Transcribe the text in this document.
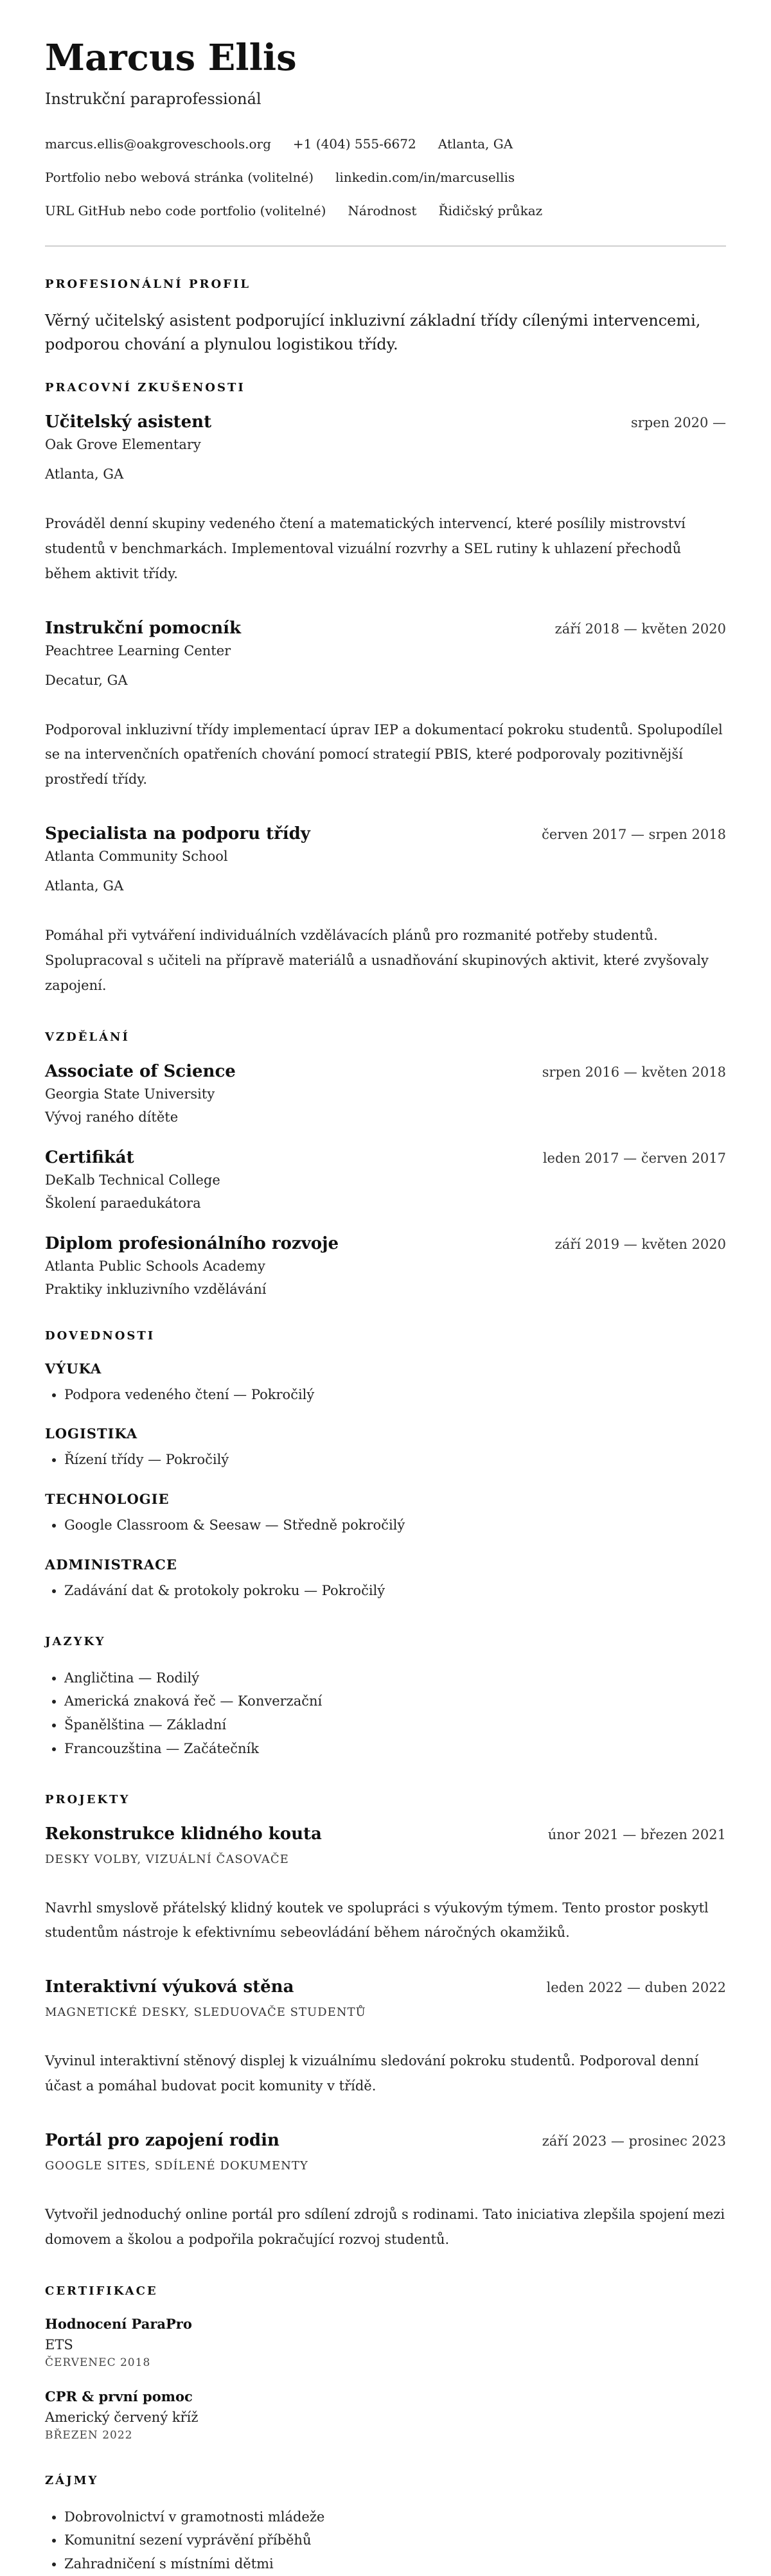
Marcus Ellis
Instrukční paraprofessionál
marcus.ellis@oakgroveschools.org +1 (404) 555-6672 Atlanta, GA
Portfolio nebo webová stránka (volitelné) linkedin.com/in/marcusellis
URL GitHub nebo code portfolio (volitelné) Národnost Řidičský průkaz
PROFESIONÁLNÍ PROFIL

Věrný učitelský asistent podporující inkluzivní základní třídy cílenými intervencemi, podporou chování a plynulou logistikou třídy.

PRACOVNÍ ZKUŠENOSTI
Učitelský asistent	srpen 2020 —
Oak Grove Elementary
Atlanta, GA
Prováděl denní skupiny vedeného čtení a matematických intervencí, které posílily mistrovství studentů v benchmarkách. Implementoval vizuální rozvrhy a SEL rutiny k uhlazení přechodů během aktivit třídy.
Instrukční pomocník	září 2018 — květen 2020
Peachtree Learning Center
Decatur, GA
Podporoval inkluzivní třídy implementací úprav IEP a dokumentací pokroku studentů. Spolupodílel se na intervenčních opatřeních chování pomocí strategií PBIS, které podporovaly pozitivnější prostředí třídy.
Specialista na podporu třídy	červen 2017 — srpen 2018
Atlanta Community School
Atlanta, GA
Pomáhal při vytváření individuálních vzdělávacích plánů pro rozmanité potřeby studentů. Spolupracoval s učiteli na přípravě materiálů a usnadňování skupinových aktivit, které zvyšovaly zapojení.
VZDĚLÁNÍ
Associate of Science	srpen 2016 — květen 2018
Georgia State University
Vývoj raného dítěte
Certifikát	leden 2017 — červen 2017
DeKalb Technical College
Školení paraedukátora
Diplom profesionálního rozvoje	září 2019 — květen 2020
Atlanta Public Schools Academy
Praktiky inkluzivního vzdělávání
DOVEDNOSTI
VÝUKA
• Podpora vedeného čtení — Pokročilý
LOGISTIKA
• Řízení třídy — Pokročilý
TECHNOLOGIE
• Google Classroom & Seesaw — Středně pokročilý
ADMINISTRACE
• Zadávání dat & protokoly pokroku — Pokročilý
JAZYKY
• Angličtina — Rodilý
• Americká znaková řeč — Konverzační
• Španělština — Základní
• Francouzština — Začátečník
PROJEKTY
Rekonstrukce klidného kouta	únor 2021 — březen 2021
DESKY VOLBY, VIZUÁLNÍ ČASOVAČE
Navrhl smyslově přátelský klidný koutek ve spolupráci s výukovým týmem. Tento prostor poskytl studentům nástroje k efektivnímu sebeovládání během náročných okamžiků.
Interaktivní výuková stěna	leden 2022 — duben 2022
MAGNETICKÉ DESKY, SLEDUOVAČE STUDENTŮ
Vyvinul interaktivní stěnový displej k vizuálnímu sledování pokroku studentů. Podporoval denní účast a pomáhal budovat pocit komunity v třídě.
Portál pro zapojení rodin	září 2023 — prosinec 2023
GOOGLE SITES, SDÍLENÉ DOKUMENTY
Vytvořil jednoduchý online portál pro sdílení zdrojů s rodinami. Tato iniciativa zlepšila spojení mezi domovem a školou a podpořila pokračující rozvoj studentů.
CERTIFIKACE
Hodnocení ParaPro
ETS
ČERVENEC 2018
CPR & první pomoc
Americký červený kříž
BŘEZEN 2022
ZÁJMY
• Dobrovolnictví v gramotnosti mládeže
• Komunitní sezení vyprávění příběhů
• Zahradničení s místními dětmi
